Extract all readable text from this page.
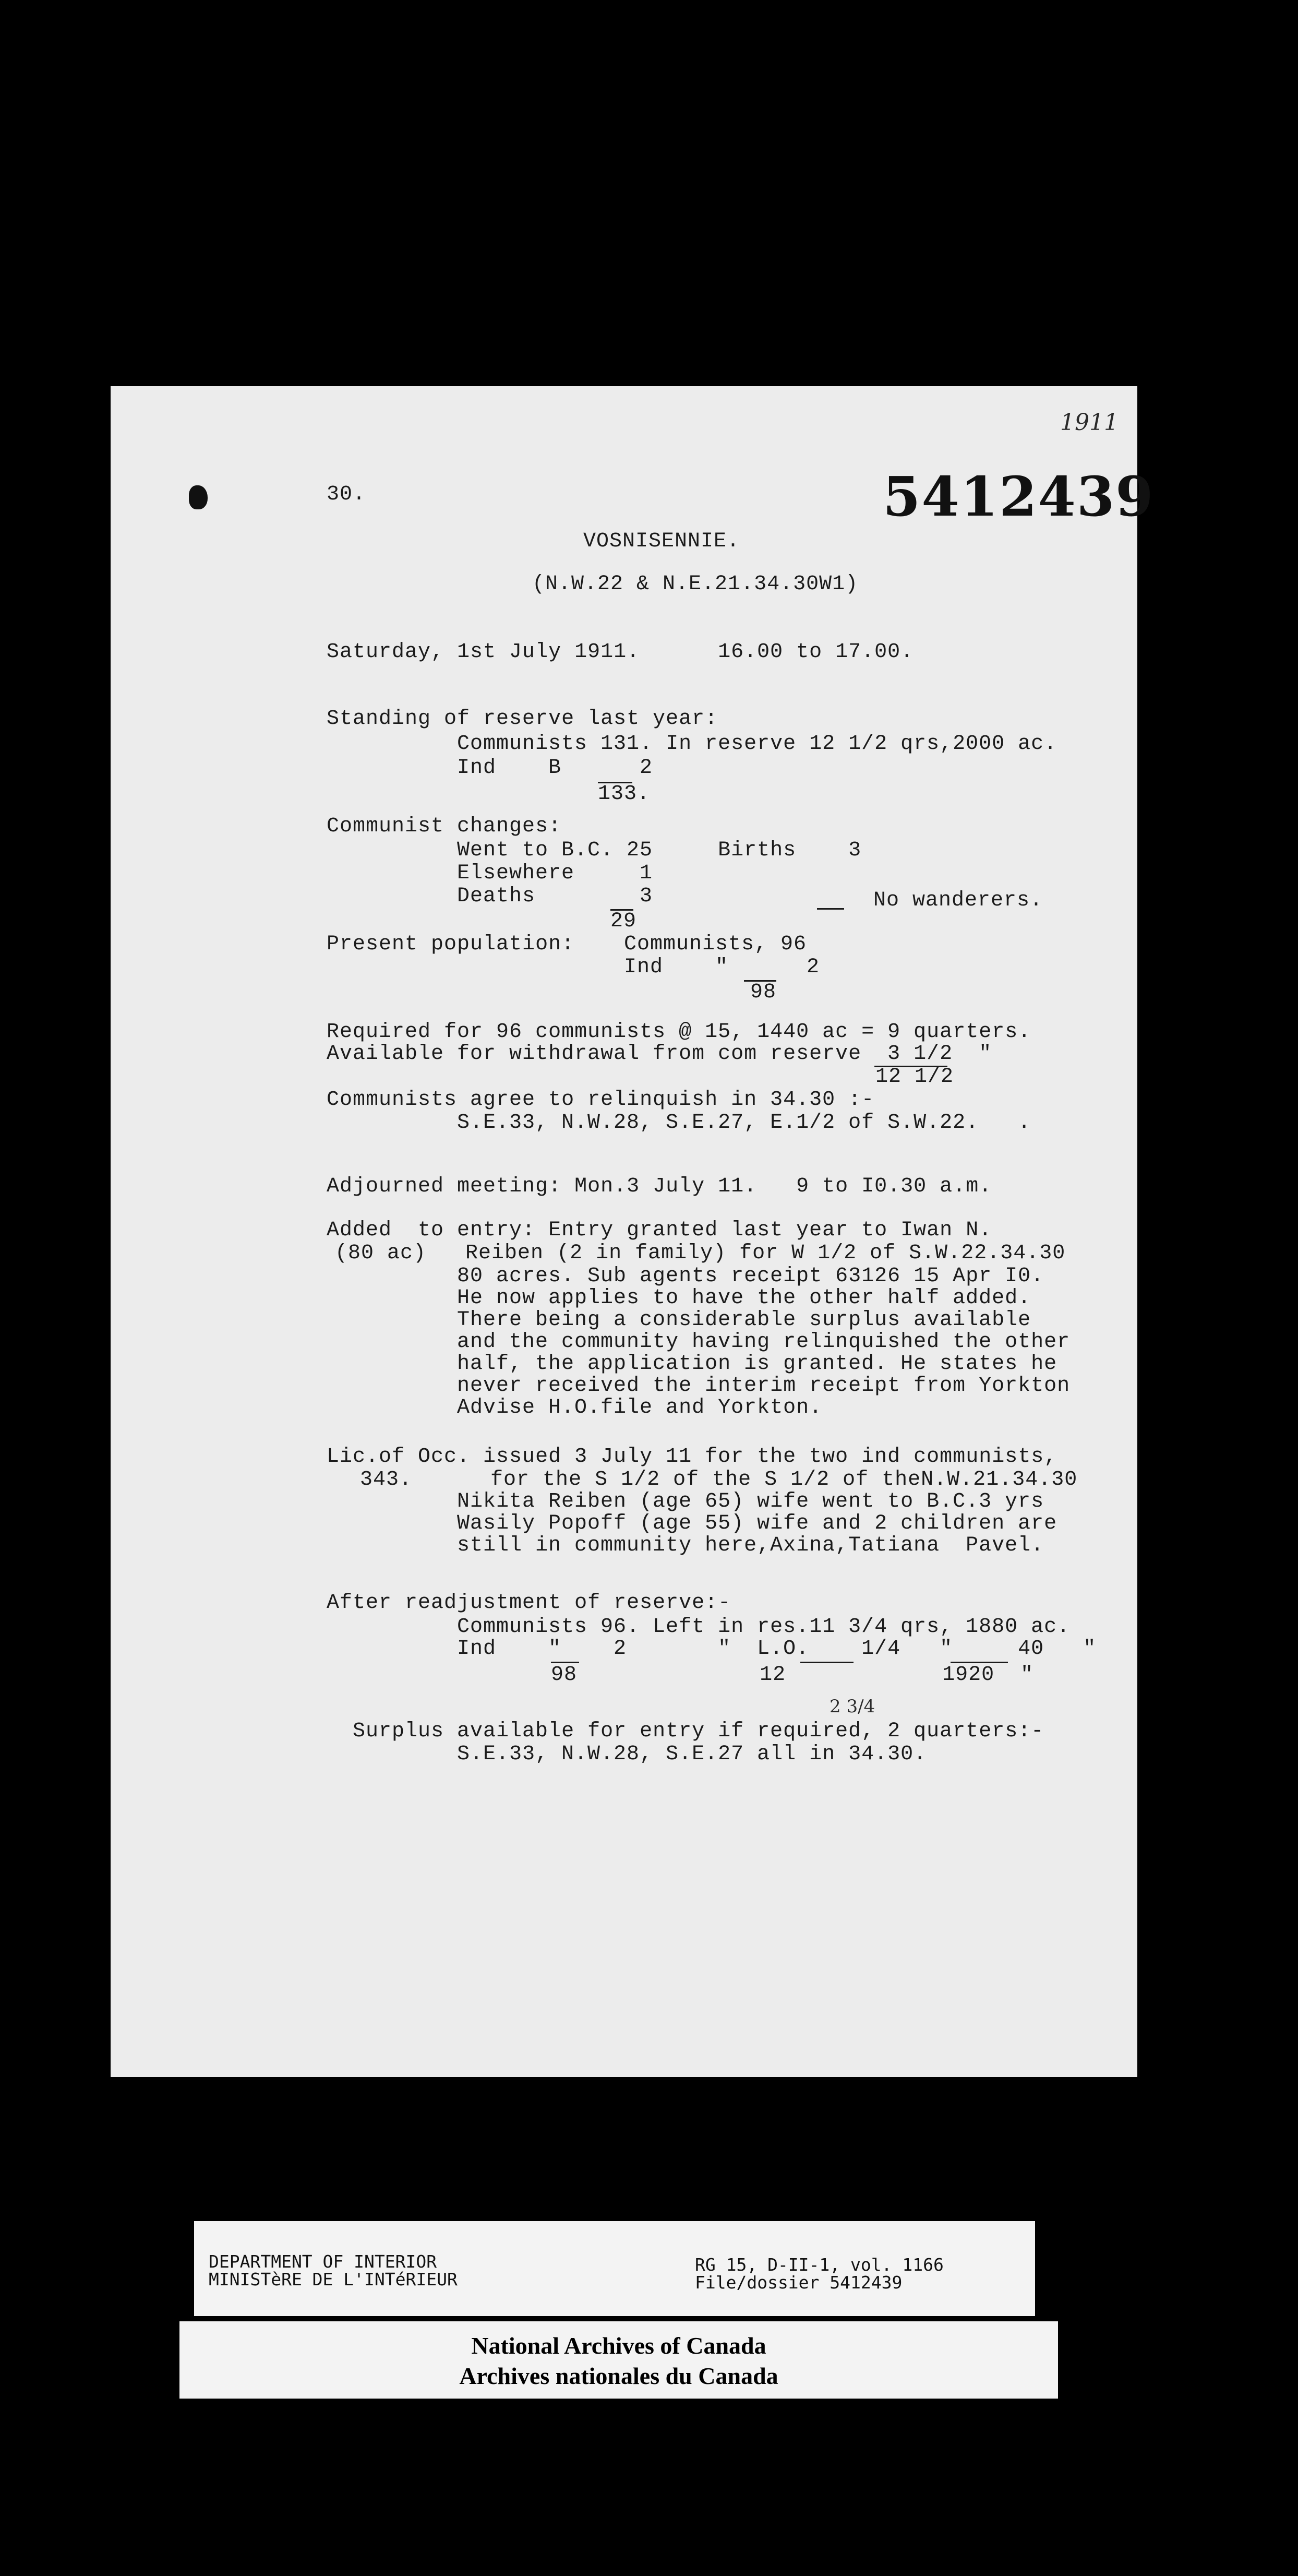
1911
5412439
30.
VOSNISENNIE.
(N.W.22 & N.E.21.34.30W1)
Saturday, 1st July 1911.      16.00 to 17.00.
Standing of reserve last year:
Communists 131. In reserve 12 1/2 qrs,2000 ac.
Ind    B      2
133.
Communist changes:
Went to B.C. 25     Births    3
Elsewhere     1
Deaths        3
29
No wanderers.
Present population: Communists, 96
Ind    "      2
98
Required for 96 communists @ 15, 1440 ac = 9 quarters.
Available for withdrawal from com reserve  3 1/2  "
12 1/2
Communists agree to relinquish in 34.30 :-
S.E.33, N.W.28, S.E.27, E.1/2 of S.W.22.   .
Adjourned meeting: Mon.3 July 11.   9 to I0.30 a.m.
Added  to entry: Entry granted last year to Iwan N.
(80 ac)   Reiben (2 in family) for W 1/2 of S.W.22.34.30
80 acres. Sub agents receipt 63126 15 Apr I0.
He now applies to have the other half added.
There being a considerable surplus available
and the community having relinquished the other
half, the application is granted. He states he
never received the interim receipt from Yorkton
Advise H.O.file and Yorkton.
Lic.of Occ. issued 3 July 11 for the two ind communists,
343.      for the S 1/2 of the S 1/2 of theN.W.21.34.30
Nikita Reiben (age 65) wife went to B.C.3 yrs
Wasily Popoff (age 55) wife and 2 children are
still in community here,Axina,Tatiana  Pavel.
After readjustment of reserve:-
Communists 96. Left in res.11 3/4 qrs, 1880 ac.
Ind    "    2       "  L.O.    1/4   "     40   "
98              12            1920  "
2 3/4
Surplus available for entry if required, 2 quarters:-
S.E.33, N.W.28, S.E.27 all in 34.30.
DEPARTMENT OF INTERIOR
MINISTèRE DE L'INTéRIEUR
RG 15, D-II-1, vol. 1166
File/dossier 5412439
National Archives of Canada
Archives nationales du Canada
